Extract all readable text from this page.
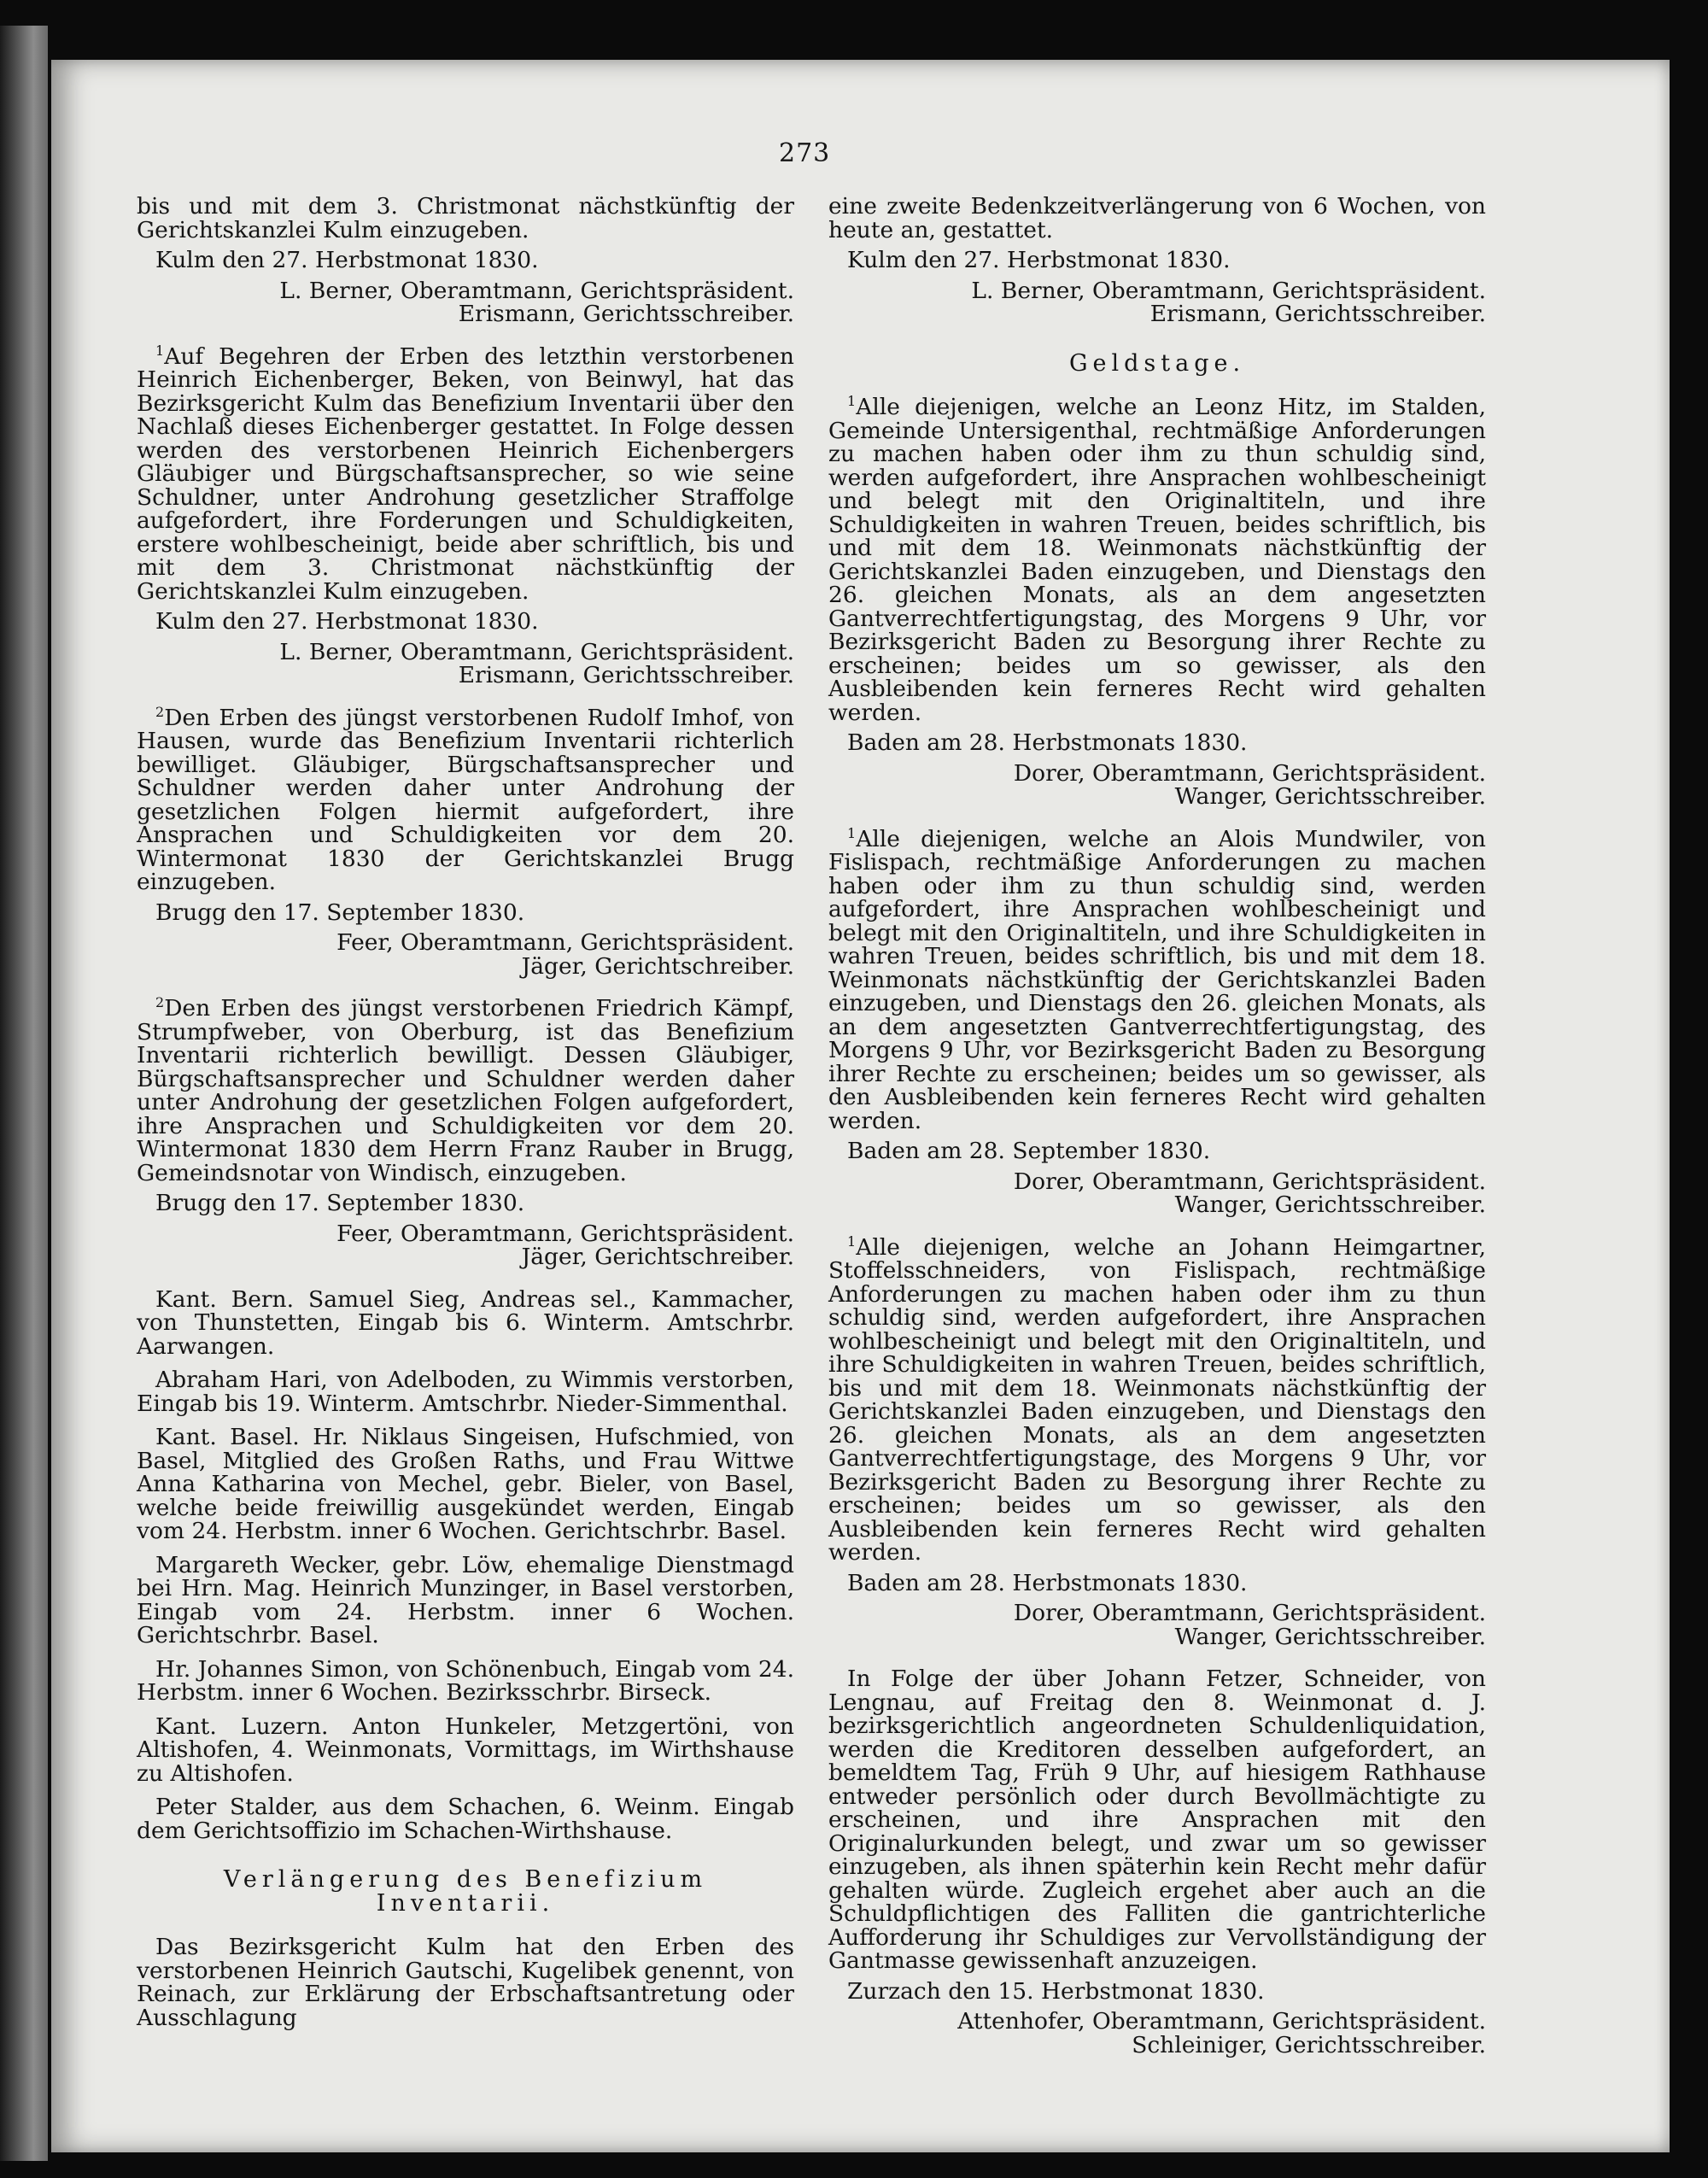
273

bis und mit dem 3. Christmonat nächstkünftig der Gerichtskanzlei Kulm einzugeben.

Kulm den 27. Herbstmonat 1830.

L. Berner, Oberamtmann, Gerichtspräsident.

Erismann, Gerichtsschreiber.

$^1$Auf Begehren der Erben des letzthin verstorbenen Heinrich Eichenberger, Beken, von Beinwyl, hat das Bezirksgericht Kulm das Benefizium Inventarii über den Nachlaß dieses Eichenberger gestattet. In Folge dessen werden des verstorbenen Heinrich Eichenbergers Gläubiger und Bürgschaftsansprecher, so wie seine Schuldner, unter Androhung gesetzlicher Straffolge aufgefordert, ihre Forderungen und Schuldigkeiten, erstere wohlbescheinigt, beide aber schriftlich, bis und mit dem 3. Christmonat nächstkünftig der Gerichtskanzlei Kulm einzugeben.

Kulm den 27. Herbstmonat 1830.

L. Berner, Oberamtmann, Gerichtspräsident.

Erismann, Gerichtsschreiber.

$^2$Den Erben des jüngst verstorbenen Rudolf Imhof, von Hausen, wurde das Benefizium Inventarii richterlich bewilliget. Gläubiger, Bürgschaftsansprecher und Schuldner werden daher unter Androhung der gesetzlichen Folgen hiermit aufgefordert, ihre Ansprachen und Schuldigkeiten vor dem 20. Wintermonat 1830 der Gerichtskanzlei Brugg einzugeben.

Brugg den 17. September 1830.

Feer, Oberamtmann, Gerichtspräsident.

Jäger, Gerichtschreiber.

$^2$Den Erben des jüngst verstorbenen Friedrich Kämpf, Strumpfweber, von Oberburg, ist das Benefizium Inventarii richterlich bewilligt. Dessen Gläubiger, Bürgschaftsansprecher und Schuldner werden daher unter Androhung der gesetzlichen Folgen aufgefordert, ihre Ansprachen und Schuldigkeiten vor dem 20. Wintermonat 1830 dem Herrn Franz Rauber in Brugg, Gemeindsnotar von Windisch, einzugeben.

Brugg den 17. September 1830.

Feer, Oberamtmann, Gerichtspräsident.

Jäger, Gerichtschreiber.

Kant. Bern. Samuel Sieg, Andreas sel., Kammacher, von Thunstetten, Eingab bis 6. Winterm. Amtschrbr. Aarwangen.

Abraham Hari, von Adelboden, zu Wimmis verstorben, Eingab bis 19. Winterm. Amtschrbr. Nieder-Simmenthal.

Kant. Basel. Hr. Niklaus Singeisen, Hufschmied, von Basel, Mitglied des Großen Raths, und Frau Wittwe Anna Katharina von Mechel, gebr. Bieler, von Basel, welche beide freiwillig ausgekündet werden, Eingab vom 24. Herbstm. inner 6 Wochen. Gerichtschrbr. Basel.

Margareth Wecker, gebr. Löw, ehemalige Dienstmagd bei Hrn. Mag. Heinrich Munzinger, in Basel verstorben, Eingab vom 24. Herbstm. inner 6 Wochen. Gerichtschrbr. Basel.

Hr. Johannes Simon, von Schönenbuch, Eingab vom 24. Herbstm. inner 6 Wochen. Bezirksschrbr. Birseck.

Kant. Luzern. Anton Hunkeler, Metzgertöni, von Altishofen, 4. Weinmonats, Vormittags, im Wirthshause zu Altishofen.

Peter Stalder, aus dem Schachen, 6. Weinm. Eingab dem Gerichtsoffizio im Schachen-Wirthshause.

Verlängerung des Benefizium Inventarii.

Das Bezirksgericht Kulm hat den Erben des verstorbenen Heinrich Gautschi, Kugelibek genennt, von Reinach, zur Erklärung der Erbschaftsantretung oder Ausschlagung

eine zweite Bedenkzeitverlängerung von 6 Wochen, von heute an, gestattet.

Kulm den 27. Herbstmonat 1830.

L. Berner, Oberamtmann, Gerichtspräsident.

Erismann, Gerichtsschreiber.

Geldstage.

$^1$Alle diejenigen, welche an Leonz Hitz, im Stalden, Gemeinde Untersigenthal, rechtmäßige Anforderungen zu machen haben oder ihm zu thun schuldig sind, werden aufgefordert, ihre Ansprachen wohlbescheinigt und belegt mit den Originaltiteln, und ihre Schuldigkeiten in wahren Treuen, beides schriftlich, bis und mit dem 18. Weinmonats nächstkünftig der Gerichtskanzlei Baden einzugeben, und Dienstags den 26. gleichen Monats, als an dem angesetzten Gantverrechtfertigungstag, des Morgens 9 Uhr, vor Bezirksgericht Baden zu Besorgung ihrer Rechte zu erscheinen; beides um so gewisser, als den Ausbleibenden kein ferneres Recht wird gehalten werden.

Baden am 28. Herbstmonats 1830.

Dorer, Oberamtmann, Gerichtspräsident.

Wanger, Gerichtsschreiber.

$^1$Alle diejenigen, welche an Alois Mundwiler, von Fislispach, rechtmäßige Anforderungen zu machen haben oder ihm zu thun schuldig sind, werden aufgefordert, ihre Ansprachen wohlbescheinigt und belegt mit den Originaltiteln, und ihre Schuldigkeiten in wahren Treuen, beides schriftlich, bis und mit dem 18. Weinmonats nächstkünftig der Gerichtskanzlei Baden einzugeben, und Dienstags den 26. gleichen Monats, als an dem angesetzten Gantverrechtfertigungstag, des Morgens 9 Uhr, vor Bezirksgericht Baden zu Besorgung ihrer Rechte zu erscheinen; beides um so gewisser, als den Ausbleibenden kein ferneres Recht wird gehalten werden.

Baden am 28. September 1830.

Dorer, Oberamtmann, Gerichtspräsident.

Wanger, Gerichtsschreiber.

$^1$Alle diejenigen, welche an Johann Heimgartner, Stoffelsschneiders, von Fislispach, rechtmäßige Anforderungen zu machen haben oder ihm zu thun schuldig sind, werden aufgefordert, ihre Ansprachen wohlbescheinigt und belegt mit den Originaltiteln, und ihre Schuldigkeiten in wahren Treuen, beides schriftlich, bis und mit dem 18. Weinmonats nächstkünftig der Gerichtskanzlei Baden einzugeben, und Dienstags den 26. gleichen Monats, als an dem angesetzten Gantverrechtfertigungstage, des Morgens 9 Uhr, vor Bezirksgericht Baden zu Besorgung ihrer Rechte zu erscheinen; beides um so gewisser, als den Ausbleibenden kein ferneres Recht wird gehalten werden.

Baden am 28. Herbstmonats 1830.

Dorer, Oberamtmann, Gerichtspräsident.

Wanger, Gerichtsschreiber.

In Folge der über Johann Fetzer, Schneider, von Lengnau, auf Freitag den 8. Weinmonat d. J. bezirksgerichtlich angeordneten Schuldenliquidation, werden die Kreditoren desselben aufgefordert, an bemeldtem Tag, Früh 9 Uhr, auf hiesigem Rathhause entweder persönlich oder durch Bevollmächtigte zu erscheinen, und ihre Ansprachen mit den Originalurkunden belegt, und zwar um so gewisser einzugeben, als ihnen späterhin kein Recht mehr dafür gehalten würde. Zugleich ergehet aber auch an die Schuldpflichtigen des Falliten die gantrichterliche Aufforderung ihr Schuldiges zur Vervollständigung der Gantmasse gewissenhaft anzuzeigen.

Zurzach den 15. Herbstmonat 1830.

Attenhofer, Oberamtmann, Gerichtspräsident.

Schleiniger, Gerichtsschreiber.
